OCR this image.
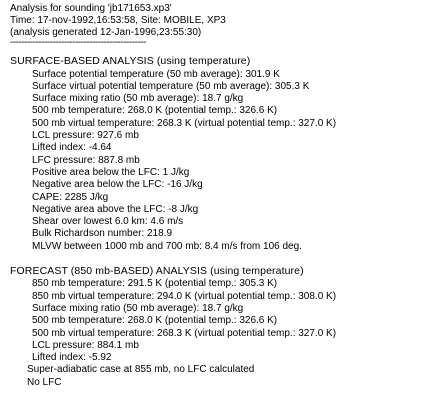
Analysis for sounding 'jb171653.xp3'
Time: 17-nov-1992,16:53:58, Site: MOBILE, XP3
(analysis generated 12-Jan-1996,23:55:30)
------------------------------------------------
SURFACE-BASED ANALYSIS (using temperature)
Surface potential temperature (50 mb average): 301.9 K
Surface virtual potential temperature (50 mb average): 305.3 K
Surface mixing ratio (50 mb average): 18.7 g/kg
500 mb temperature: 268.0 K (potential temp.: 326.6 K)
500 mb virtual temperature: 268.3 K (virtual potential temp.: 327.0 K)
LCL pressure: 927.6 mb
Lifted index: -4.64
LFC pressure: 887.8 mb
Positive area below the LFC: 1 J/kg
Negative area below the LFC: -16 J/kg
CAPE: 2285 J/kg
Negative area above the LFC: -8 J/kg
Shear over lowest 6.0 km: 4.6 m/s
Bulk Richardson number: 218.9
MLVW between 1000 mb and 700 mb: 8.4 m/s from 106 deg.
FORECAST (850 mb-BASED) ANALYSIS (using temperature)
850 mb temperature: 291.5 K (potential temp.: 305.3 K)
850 mb virtual temperature: 294.0 K (virtual potential temp.: 308.0 K)
Surface mixing ratio (50 mb average): 18.7 g/kg
500 mb temperature: 268.0 K (potential temp.: 326.6 K)
500 mb virtual temperature: 268.3 K (virtual potential temp.: 327.0 K)
LCL pressure: 884.1 mb
Lifted index: -5.92
Super-adiabatic case at 855 mb, no LFC calculated
No LFC
